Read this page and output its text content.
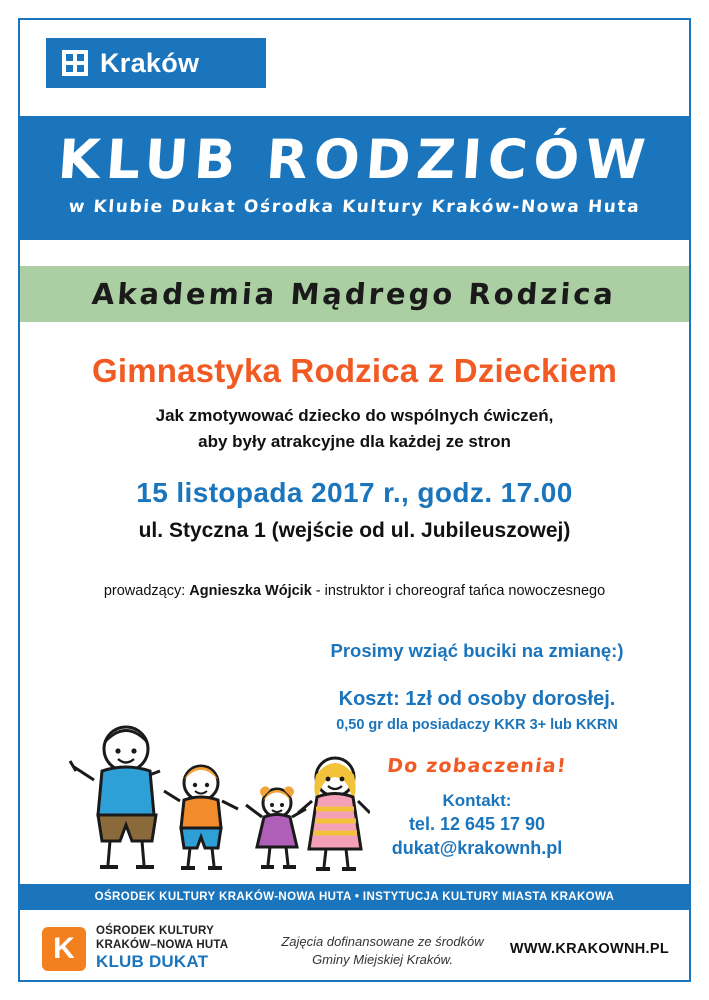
Kraków
KLUB RODZICÓW
w Klubie Dukat Ośrodka Kultury Kraków-Nowa Huta
Akademia Mądrego Rodzica
Gimnastyka Rodzica z Dzieckiem
Jak zmotywować dziecko do wspólnych ćwiczeń,
aby były atrakcyjne dla każdej ze stron
15 listopada 2017 r., godz. 17.00
ul. Styczna 1 (wejście od ul. Jubileuszowej)
prowadzący: Agnieszka Wójcik - instruktor i choreograf tańca nowoczesnego
Prosimy wziąć buciki na zmianę:)
Koszt: 1zł od osoby dorosłej.
0,50 gr dla posiadaczy KKR 3+ lub KKRN
Do zobaczenia!
Kontakt:
tel. 12 645 17 90
dukat@krakownh.pl
OŚRODEK KULTURY KRAKÓW-NOWA HUTA • INSTYTUCJA KULTURY MIASTA KRAKOWA
K
OŚRODEK KULTURY
KRAKÓW–NOWA HUTA
KLUB DUKAT
Zajęcia dofinansowane ze środków
Gminy Miejskiej Kraków.
WWW.KRAKOWNH.PL
